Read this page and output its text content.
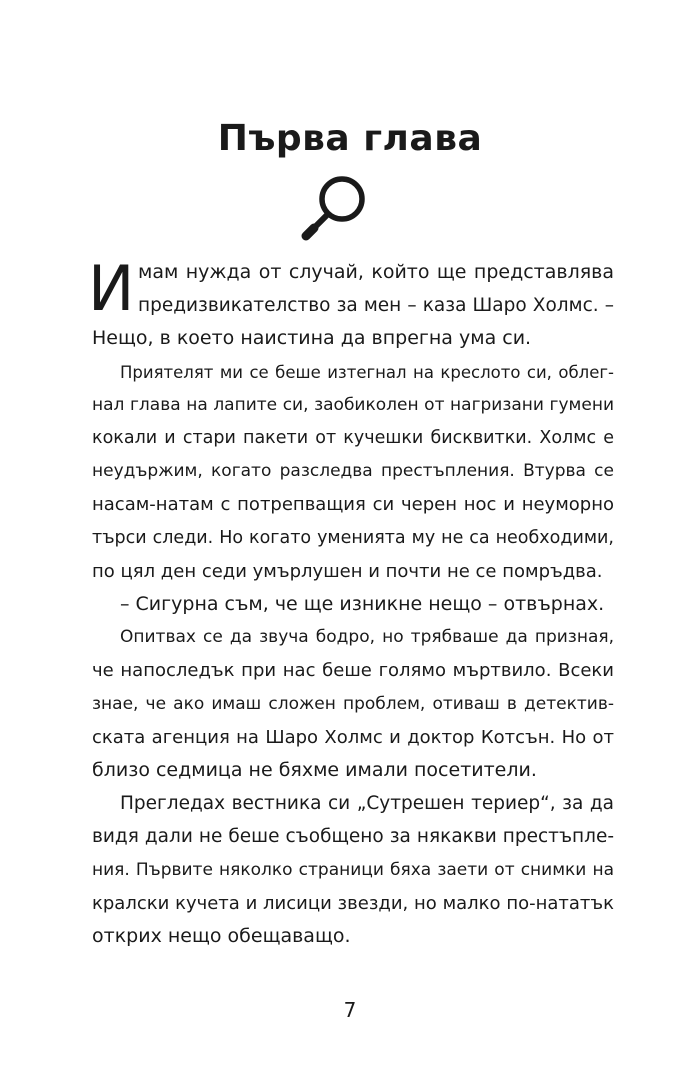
Първа глава
И мам нужда от случай, който ще представлява
предизвикателство за мен – каза Шаро Холмс. –
Нещо, в което наистина да впрегна ума си.
Приятелят ми се беше изтегнал на креслото си, облег-
нал глава на лапите си, заобиколен от нагризани гумени
кокали и стари пакети от кучешки бисквитки. Холмс е
неудържим, когато разследва престъпления. Втурва се
насам-натам с потрепващия си черен нос и неуморно
търси следи. Но когато уменията му не са необходими,
по цял ден седи умърлушен и почти не се помръдва.
– Сигурна съм, че ще изникне нещо – отвърнах.
Опитвах се да звуча бодро, но трябваше да призная,
че напоследък при нас беше голямо мъртвило. Всеки
знае, че ако имаш сложен проблем, отиваш в детектив-
ската агенция на Шаро Холмс и доктор Котсън. Но от
близо седмица не бяхме имали посетители.
Прегледах вестника си „Сутрешен териер“, за да
видя дали не беше съобщено за някакви престъпле-
ния. Първите няколко страници бяха заети от снимки на
кралски кучета и лисици звезди, но малко по-нататък
открих нещо обещаващо.
7
